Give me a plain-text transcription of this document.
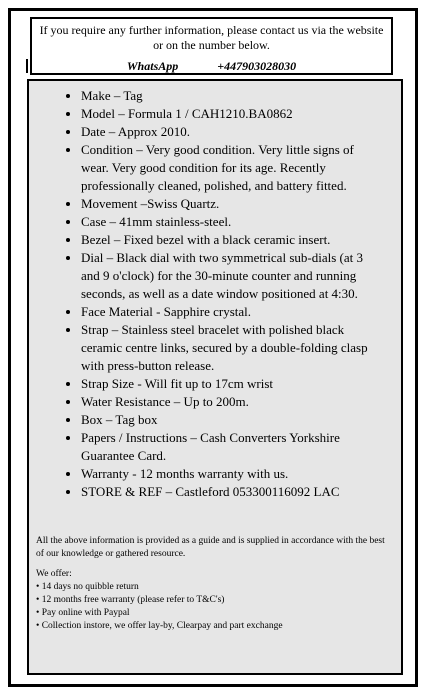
If you require any further information, please contact us via the website or on the number below.
WhatsApp	+447903028030
• Make – Tag
• Model – Formula 1 / CAH1210.BA0862
• Date – Approx 2010.
• Condition – Very good condition. Very little signs of wear. Very good condition for its age. Recently professionally cleaned, polished, and battery fitted.
• Movement –Swiss Quartz.
• Case – 41mm stainless-steel.
• Bezel – Fixed bezel with a black ceramic insert.
• Dial – Black dial with two symmetrical sub-dials (at 3 and 9 o'clock) for the 30-minute counter and running seconds, as well as a date window positioned at 4:30.
• Face Material - Sapphire crystal.
• Strap – Stainless steel bracelet with polished black ceramic centre links, secured by a double-folding clasp with press-button release.
• Strap Size - Will fit up to 17cm wrist
• Water Resistance – Up to 200m.
• Box – Tag box
• Papers / Instructions – Cash Converters Yorkshire Guarantee Card.
• Warranty - 12 months warranty with us.
• STORE & REF – Castleford 053300116092 LAC
All the above information is provided as a guide and is supplied in accordance with the best of our knowledge or gathered resource.
We offer:
• 14 days no quibble return
• 12 months free warranty (please refer to T&C's)
• Pay online with Paypal
• Collection instore, we offer lay-by, Clearpay and part exchange
